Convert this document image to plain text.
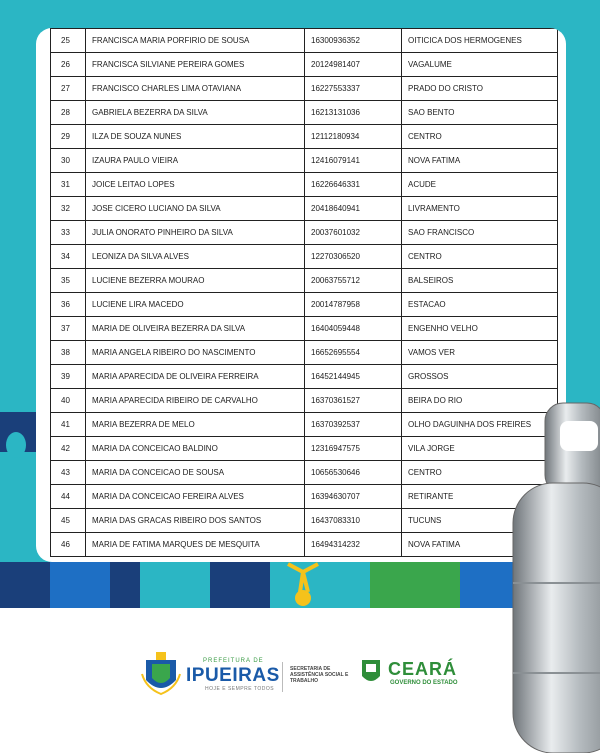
25	FRANCISCA MARIA PORFIRIO DE SOUSA	16300936352	OITICICA DOS HERMOGENES
26	FRANCISCA SILVIANE PEREIRA GOMES	20124981407	VAGALUME
27	FRANCISCO CHARLES LIMA OTAVIANA	16227553337	PRADO DO CRISTO
28	GABRIELA BEZERRA DA SILVA	16213131036	SAO BENTO
29	ILZA DE SOUZA NUNES	12112180934	CENTRO
30	IZAURA PAULO VIEIRA	12416079141	NOVA FATIMA
31	JOICE LEITAO LOPES	16226646331	ACUDE
32	JOSE CICERO LUCIANO DA SILVA	20418640941	LIVRAMENTO
33	JULIA ONORATO PINHEIRO DA SILVA	20037601032	SAO FRANCISCO
34	LEONIZA DA SILVA ALVES	12270306520	CENTRO
35	LUCIENE BEZERRA MOURAO	20063755712	BALSEIROS
36	LUCIENE LIRA MACEDO	20014787958	ESTACAO
37	MARIA DE OLIVEIRA BEZERRA DA SILVA	16404059448	ENGENHO VELHO
38	MARIA ANGELA RIBEIRO DO NASCIMENTO	16652695554	VAMOS VER
39	MARIA APARECIDA DE OLIVEIRA FERREIRA	16452144945	GROSSOS
40	MARIA APARECIDA RIBEIRO DE CARVALHO	16370361527	BEIRA DO RIO
41	MARIA BEZERRA DE MELO	16370392537	OLHO DAGUINHA DOS FREIRES
42	MARIA DA CONCEICAO BALDINO	12316947575	VILA JORGE
43	MARIA DA CONCEICAO DE SOUSA	10656530646	CENTRO
44	MARIA DA CONCEICAO FEREIRA ALVES	16394630707	RETIRANTE
45	MARIA DAS GRACAS RIBEIRO DOS SANTOS	16437083310	TUCUNS
46	MARIA DE FATIMA MARQUES DE MESQUITA	16494314232	NOVA FATIMA
PREFEITURA DE
IPUEIRAS
HOJE E SEMPRE TODOS
SECRETARIA DE ASSISTÊNCIA SOCIAL E TRABALHO
CEARÁ
GOVERNO DO ESTADO
